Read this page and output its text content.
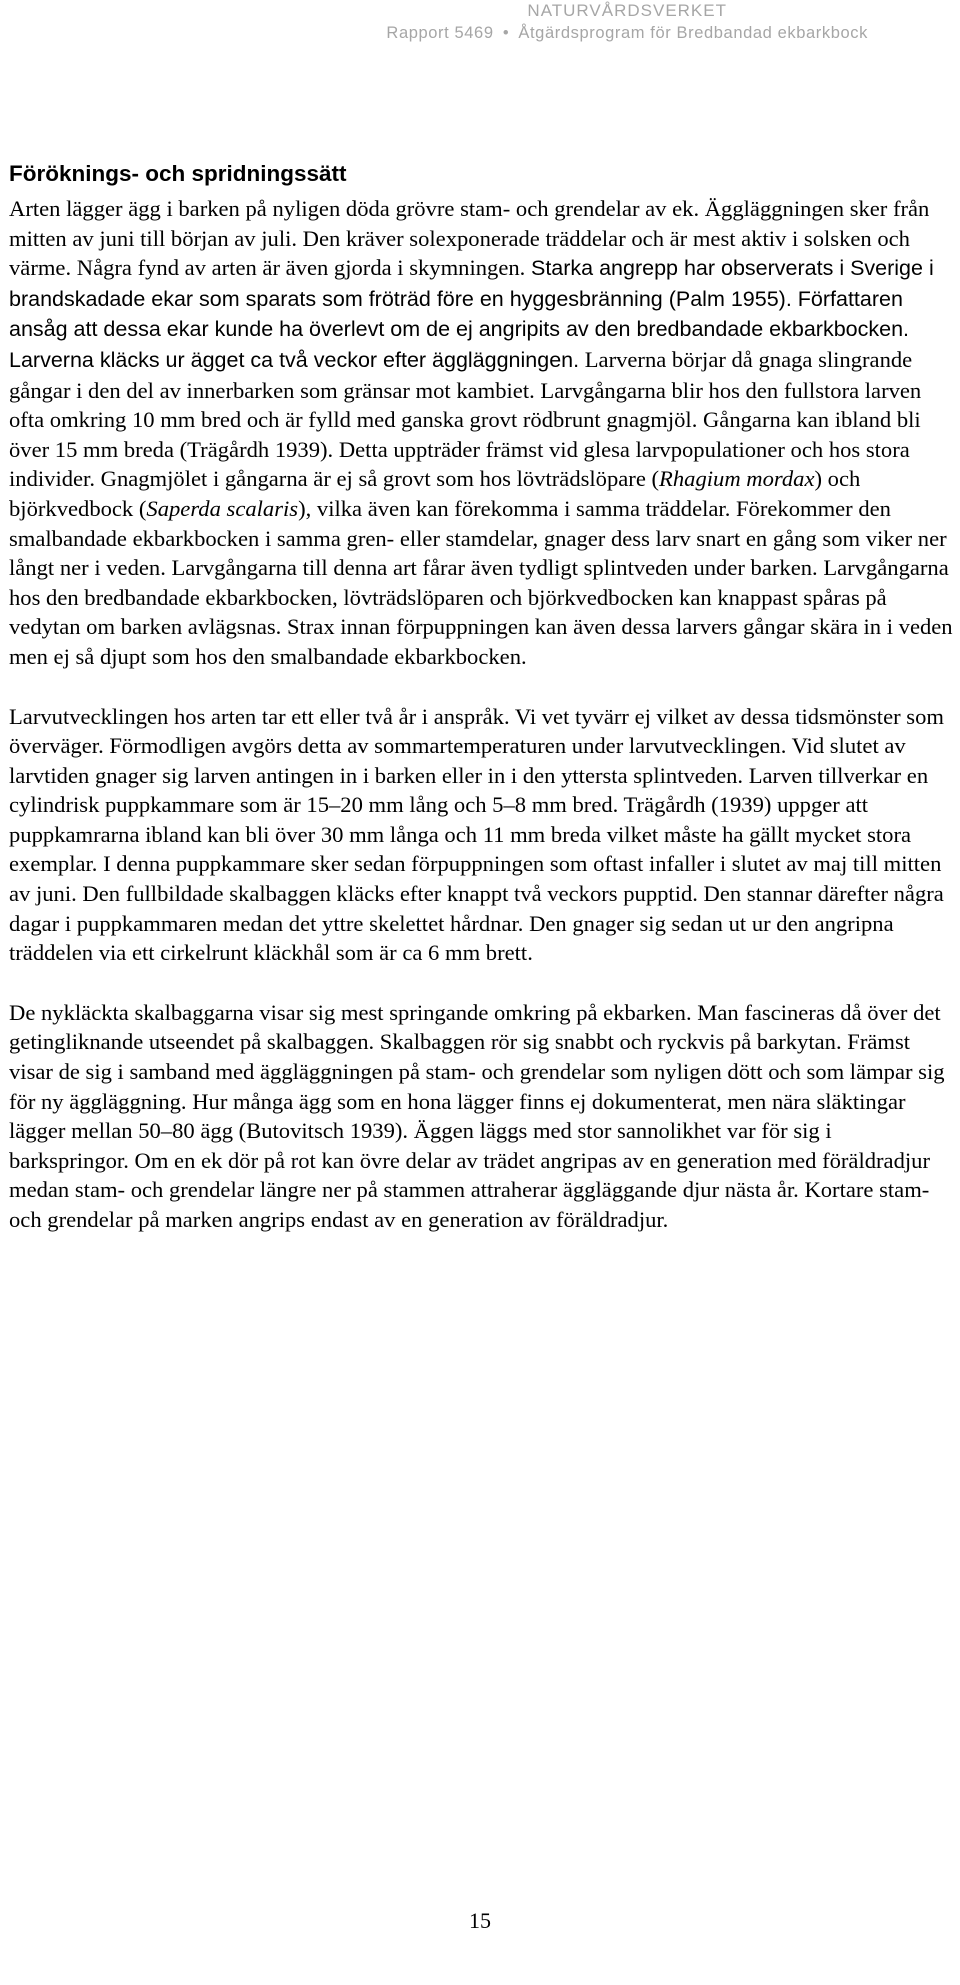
NATURVÅRDSVERKET
Rapport 5469 • Åtgärdsprogram för Bredbandad ekbarkbock
Föröknings- och spridningssätt

Arten lägger ägg i barken på nyligen döda grövre stam- och grendelar av ek. Äggläggningen sker från mitten av juni till början av juli. Den kräver solexponerade träddelar och är mest aktiv i solsken och värme. Några fynd av arten är även gjorda i skymningen. Starka angrepp har observerats i Sverige i brandskadade ekar som sparats som fröträd före en hyggesbränning (Palm 1955). Författaren ansåg att dessa ekar kunde ha överlevt om de ej angripits av den bredbandade ekbarkbocken. Larverna kläcks ur ägget ca två veckor efter äggläggningen. Larverna börjar då gnaga slingrande gångar i den del av innerbarken som gränsar mot kambiet. Larvgångarna blir hos den fullstora larven ofta omkring 10 mm bred och är fylld med ganska grovt rödbrunt gnagmjöl. Gångarna kan ibland bli över 15 mm breda (Trägårdh 1939). Detta uppträder främst vid glesa larvpopulationer och hos stora individer. Gnagmjölet i gångarna är ej så grovt som hos lövträdslöpare (Rhagium mordax) och björkvedbock (Saperda scalaris), vilka även kan förekomma i samma träddelar. Förekommer den smalbandade ekbarkbocken i samma gren- eller stamdelar, gnager dess larv snart en gång som viker ner långt ner i veden. Larvgångarna till denna art fårar även tydligt splintveden under barken. Larvgångarna hos den bredbandade ekbarkbocken, lövträdslöparen och björkvedbocken kan knappast spåras på vedytan om barken avlägsnas. Strax innan förpuppningen kan även dessa larvers gångar skära in i veden men ej så djupt som hos den smalbandade ekbarkbocken.

Larvutvecklingen hos arten tar ett eller två år i anspråk. Vi vet tyvärr ej vilket av dessa tidsmönster som överväger. Förmodligen avgörs detta av sommartemperaturen under larvutvecklingen. Vid slutet av larvtiden gnager sig larven antingen in i barken eller in i den yttersta splintveden. Larven tillverkar en cylindrisk puppkammare som är 15–20 mm lång och 5–8 mm bred. Trägårdh (1939) uppger att puppkamrarna ibland kan bli över 30 mm långa och 11 mm breda vilket måste ha gällt mycket stora exemplar. I denna puppkammare sker sedan förpuppningen som oftast infaller i slutet av maj till mitten av juni. Den fullbildade skalbaggen kläcks efter knappt två veckors pupptid. Den stannar därefter några dagar i puppkammaren medan det yttre skelettet hårdnar. Den gnager sig sedan ut ur den angripna träddelen via ett cirkelrunt kläckhål som är ca 6 mm brett.

De nykläckta skalbaggarna visar sig mest springande omkring på ekbarken. Man fascineras då över det getingliknande utseendet på skalbaggen. Skalbaggen rör sig snabbt och ryckvis på barkytan. Främst visar de sig i samband med äggläggningen på stam- och grendelar som nyligen dött och som lämpar sig för ny äggläggning. Hur många ägg som en hona lägger finns ej dokumenterat, men nära släktingar lägger mellan 50–80 ägg (Butovitsch 1939). Äggen läggs med stor sannolikhet var för sig i barkspringor. Om en ek dör på rot kan övre delar av trädet angripas av en generation med föräldradjur medan stam- och grendelar längre ner på stammen attraherar äggläggande djur nästa år. Kortare stam- och grendelar på marken angrips endast av en generation av föräldradjur.

15
